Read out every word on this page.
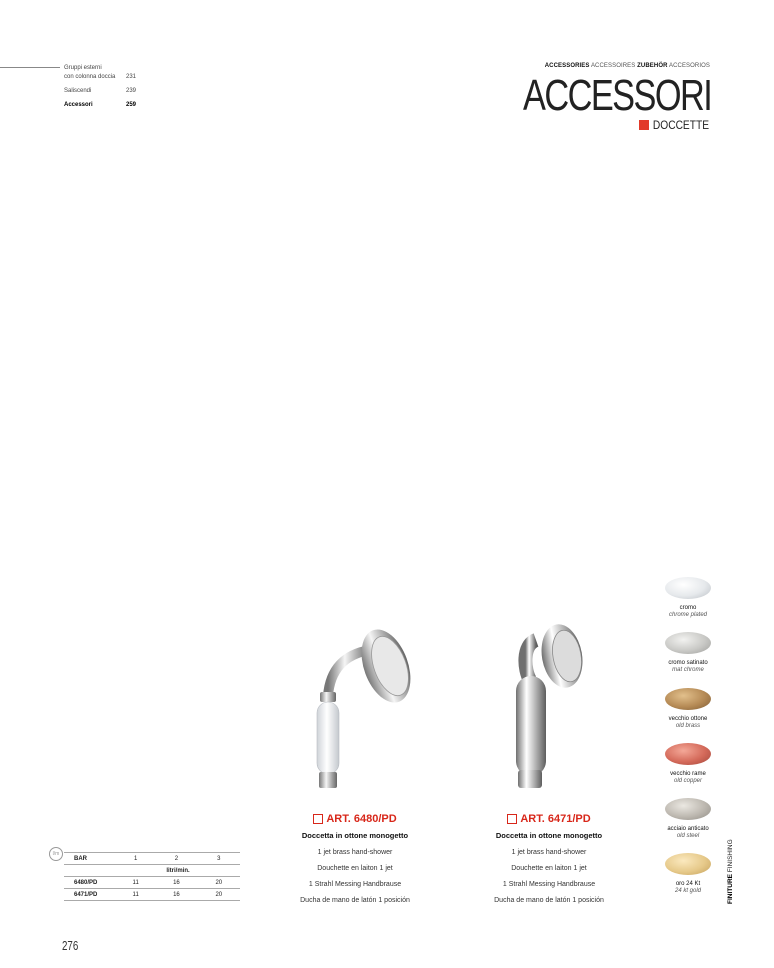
Gruppi esterni
con colonna doccia 231
Saliscendi	239
Accessori	259
ACCESSORIES ACCESSOIRES ZUBEHÖR ACCESORIOS
ACCESSORI
DOCCETTE
ART. 6480/PD
Doccetta in ottone monogetto
1 jet brass hand-shower
Douchette en laiton 1 jet
1 Strahl Messing Handbrause
Ducha de mano de latón 1 posición
ART. 6471/PD
Doccetta in ottone monogetto
1 jet brass hand-shower
Douchette en laiton 1 jet
1 Strahl Messing Handbrause
Ducha de mano de latón 1 posición
cromo
chrome plated
cromo satinato
mat chrome
vecchio ottone
old brass
vecchio rame
old copper
acciaio anticato
old steel
oro 24 Kt
24 kt gold	FINITURE FINISHING
l/m
BAR	1	2	3
	litri/min.		
6480/PD	11	16	20
6471/PD	11	16	20
276
